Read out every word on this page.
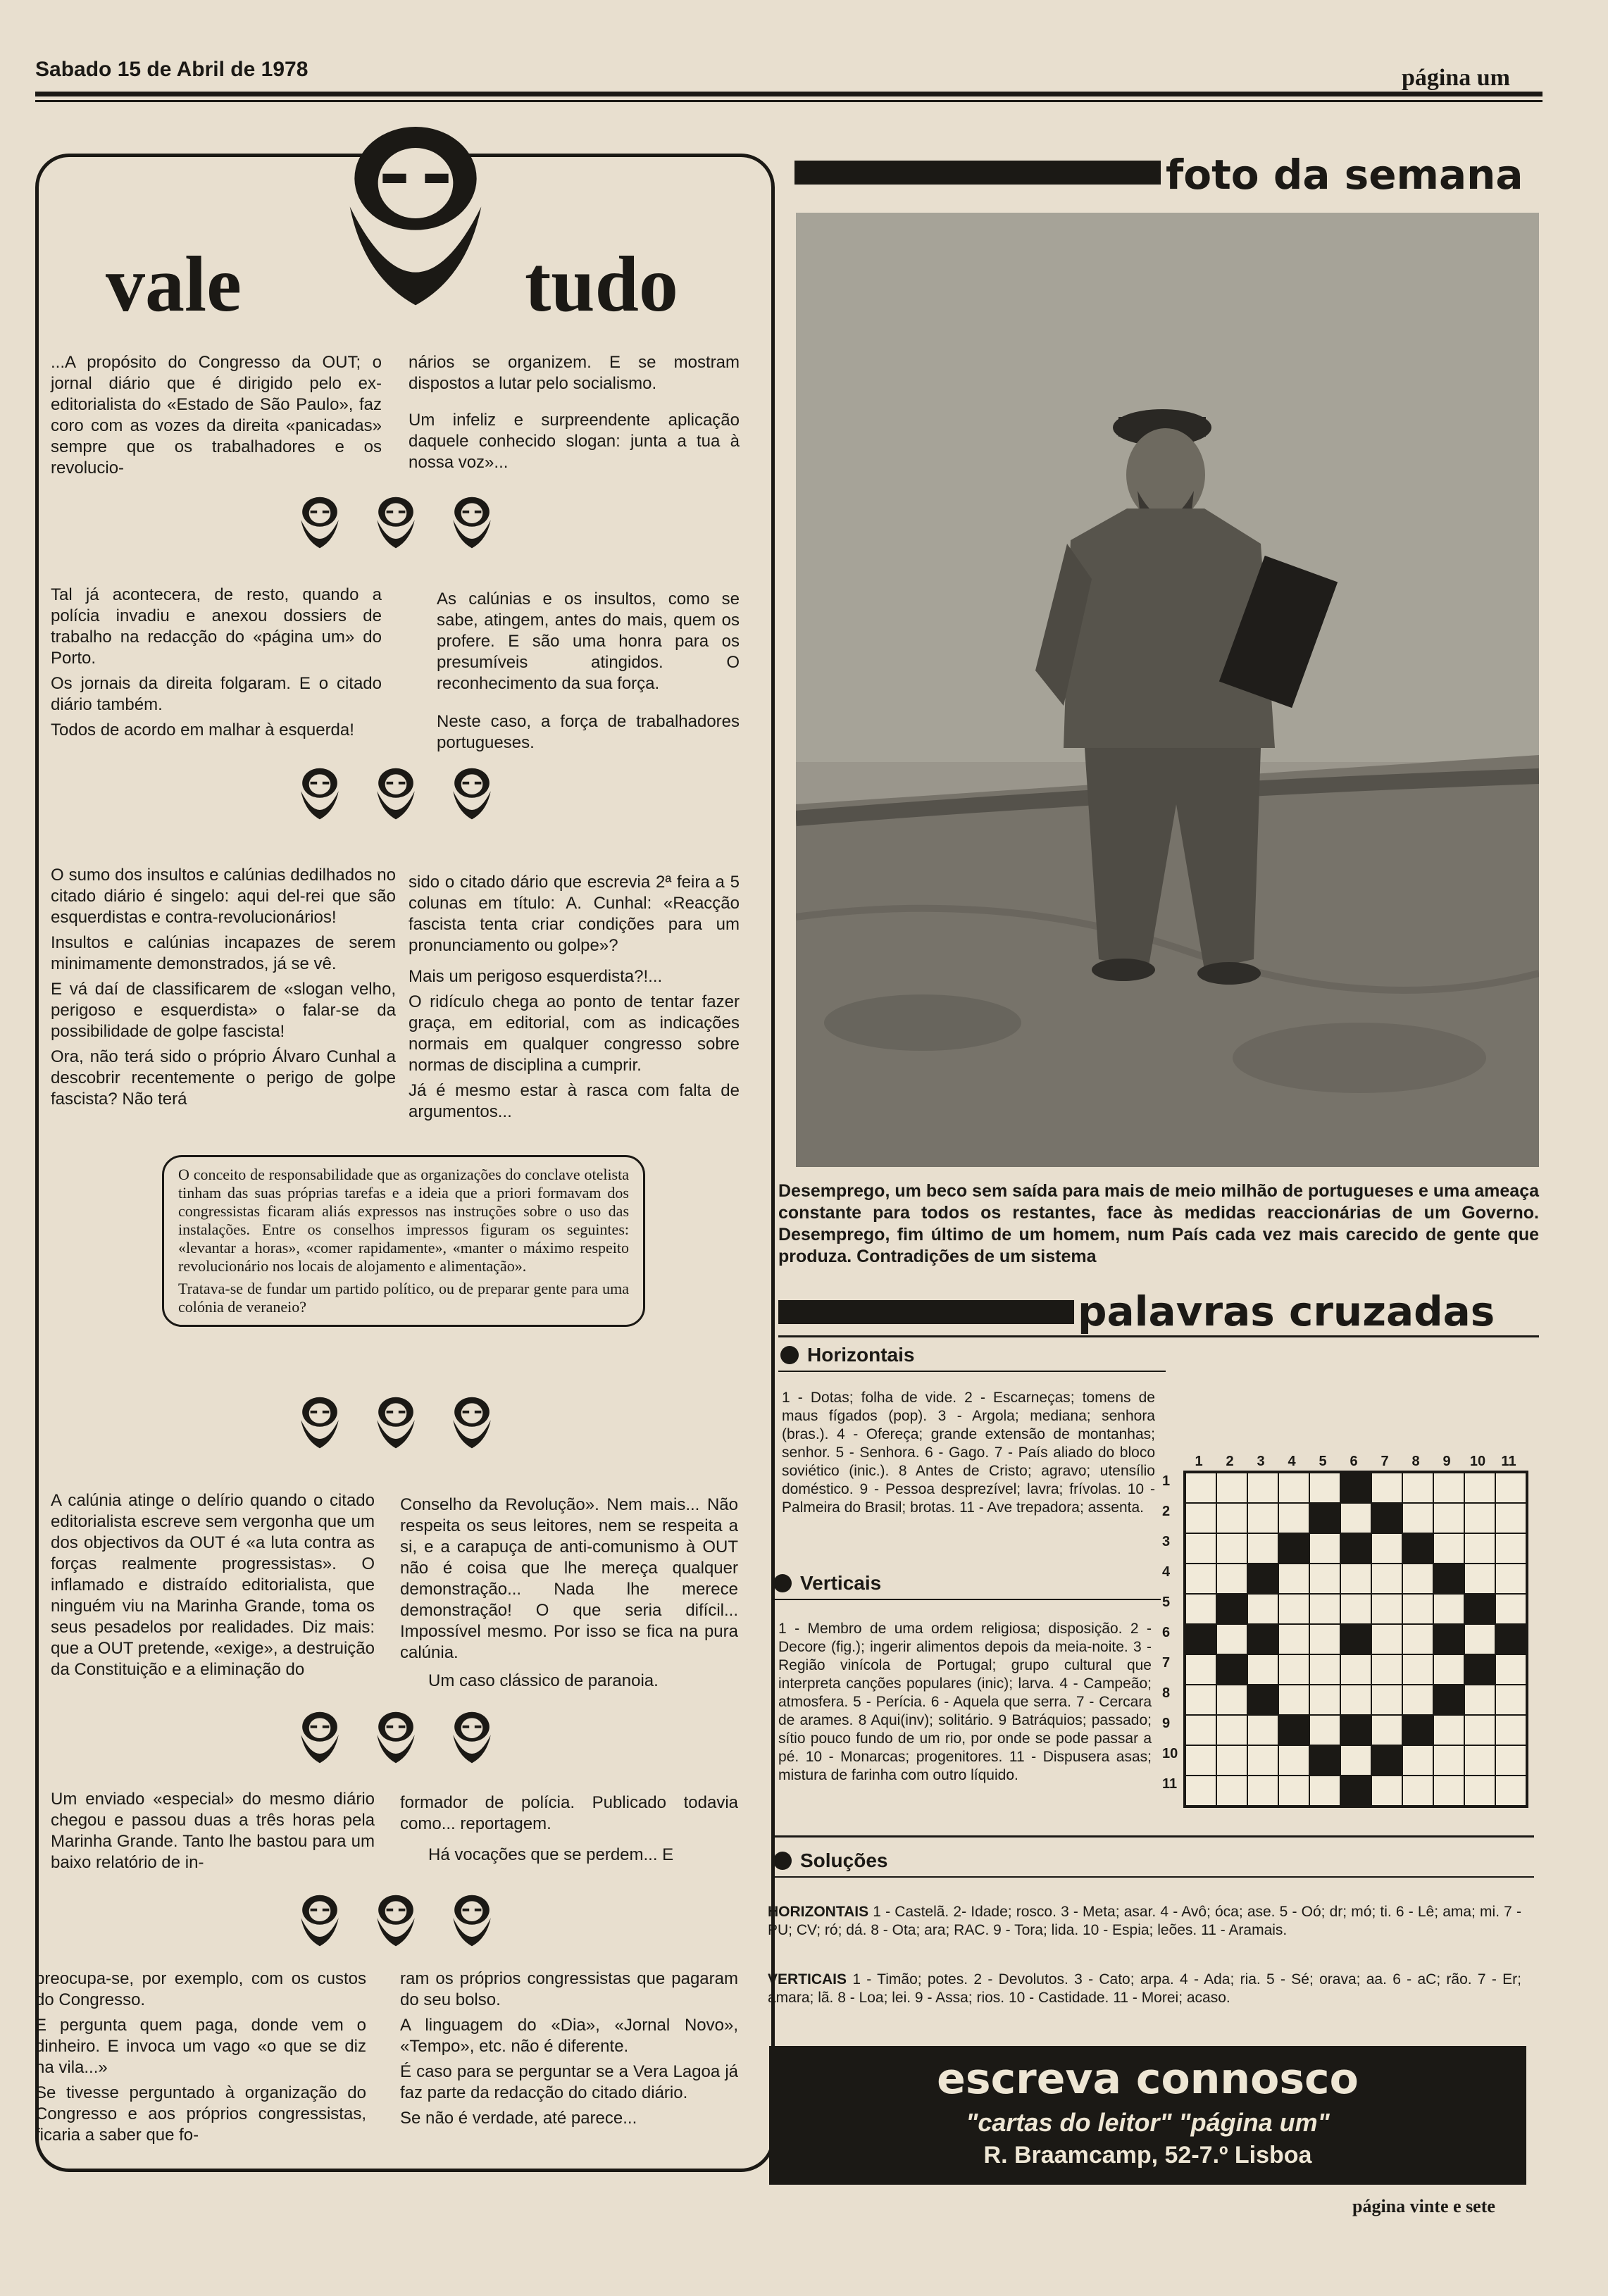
Sabado 15 de Abril de 1978	página um
vale	tudo

...A propósito do Congresso da OUT; o jornal diário que é dirigido pelo ex-editorialista do «Estado de São Paulo», faz coro com as vozes da direita «panicadas» sempre que os trabalhadores e os revolucio-

nários se organizem. E se mostram dispostos a lutar pelo socialismo.

Um infeliz e surpreendente aplicação daquele conhecido slogan: junta a tua à nossa voz»...

Tal já acontecera, de resto, quando a polícia invadiu e anexou dossiers de trabalho na redacção do «página um» do Porto.

Os jornais da direita folgaram. E o citado diário também.

Todos de acordo em malhar à esquerda!

As calúnias e os insultos, como se sabe, atingem, antes do mais, quem os profere. E são uma honra para os presumíveis atingidos. O reconhecimento da sua força.

Neste caso, a força de trabalhadores portugueses.

O sumo dos insultos e calúnias dedilhados no citado diário é singelo: aqui del-rei que são esquerdistas e contra-revolucionários!

Insultos e calúnias incapazes de serem minimamente demonstrados, já se vê.

E vá daí de classificarem de «slogan velho, perigoso e esquerdista» o falar-se da possibilidade de golpe fascista!

Ora, não terá sido o próprio Álvaro Cunhal a descobrir recentemente o perigo de golpe fascista? Não terá

sido o citado dário que escrevia 2ª feira a 5 colunas em título: A. Cunhal: «Reacção fascista tenta criar condições para um pronunciamento ou golpe»?

Mais um perigoso esquerdista?!...

O ridículo chega ao ponto de tentar fazer graça, em editorial, com as indicações normais em qualquer congresso sobre normas de disciplina a cumprir.

Já é mesmo estar à rasca com falta de argumentos...

O conceito de responsabilidade que as organizações do conclave otelista tinham das suas próprias tarefas e a ideia que a priori formavam dos congressistas ficaram aliás expressos nas instruções sobre o uso das instalações. Entre os conselhos impressos figuram os seguintes: «levantar a horas», «comer rapidamente», «manter o máximo respeito revolucionário nos locais de alojamento e alimentação».

Tratava-se de fundar um partido político, ou de preparar gente para uma colónia de veraneio?

A calúnia atinge o delírio quando o citado editorialista escreve sem vergonha que um dos objectivos da OUT é «a luta contra as forças realmente progressistas». O inflamado e distraído editorialista, que ninguém viu na Marinha Grande, toma os seus pesadelos por realidades. Diz mais: que a OUT pretende, «exige», a destruição da Constituição e a eliminação do

Conselho da Revolução». Nem mais... Não respeita os seus leitores, nem se respeita a si, e a carapuça de anti-comunismo à OUT não é coisa que lhe mereça qualquer demonstração... Nada lhe merece demonstração! O que seria difícil... Impossível mesmo. Por isso se fica na pura calúnia.

Um caso clássico de paranoia.

Um enviado «especial» do mesmo diário chegou e passou duas a três horas pela Marinha Grande. Tanto lhe bastou para um baixo relatório de in-

formador de polícia. Publicado todavia como... reportagem.

Há vocações que se perdem... E

preocupa-se, por exemplo, com os custos do Congresso.

E pergunta quem paga, donde vem o dinheiro. E invoca um vago «o que se diz na vila...»

Se tivesse perguntado à organização do Congresso e aos próprios congressistas, ficaria a saber que fo-

ram os próprios congressistas que pagaram do seu bolso.

A linguagem do «Dia», «Jornal Novo», «Tempo», etc. não é diferente.

É caso para se perguntar se a Vera Lagoa já faz parte da redacção do citado diário.

Se não é verdade, até parece...

foto da semana
Desemprego, um beco sem saída para mais de meio milhão de portugueses e uma ameaça constante para todos os restantes, face às medidas reaccionárias de um Governo. Desemprego, fim último de um homem, num País cada vez mais carecido de gente que produza. Contradições de um sistema
palavras cruzadas
Horizontais
1 - Dotas; folha de vide. 2 - Escarneças; tomens de maus fígados (pop). 3 - Argola; mediana; senhora (bras.). 4 - Ofereça; grande extensão de montanhas; senhor. 5 - Senhora. 6 - Gago. 7 - País aliado do bloco soviético (inic.). 8 Antes de Cristo; agravo; utensílio doméstico. 9 - Pessoa desprezível; lavra; frívolas. 10 - Palmeira do Brasil; brotas. 11 - Ave trepadora; assenta.
Verticais
1 - Membro de uma ordem religiosa; disposição. 2 - Decore (fig.); ingerir alimentos depois da meia-noite. 3 - Região vinícola de Portugal; grupo cultural que interpreta canções populares (inic); larva. 4 - Campeão; atmosfera. 5 - Perícia. 6 - Aquela que serra. 7 - Cercara de arames. 8 Aqui(inv); solitário. 9 Batráquios; passado; sítio pouco fundo de um rio, por onde se pode passar a pé. 10 - Monarcas; progenitores. 11 - Dispusera asas; mistura de farinha com outro líquido.
1	2	3	4	5	6	7	8	9	10	11
1
2
3
4
5
6
7
8
9
10
11
Soluções
HORIZONTAIS 1 - Castelã. 2- Idade; rosco. 3 - Meta; asar. 4 - Avô; óca; ase. 5 - Oó; dr; mó; ti. 6 - Lê; ama; mi. 7 - PU; CV; ró; dá. 8 - Ota; ara; RAC. 9 - Tora; lida. 10 - Espia; leões. 11 - Aramais.
VERTICAIS 1 - Timão; potes. 2 - Devolutos. 3 - Cato; arpa. 4 - Ada; ria. 5 - Sé; orava; aa. 6 - aC; rão. 7 - Er; amara; lã. 8 - Loa; lei. 9 - Assa; rios. 10 - Castidade. 11 - Morei; acaso.
escreva connosco
"cartas do leitor" "página um"
R. Braamcamp, 52-7.º Lisboa
página vinte e sete
